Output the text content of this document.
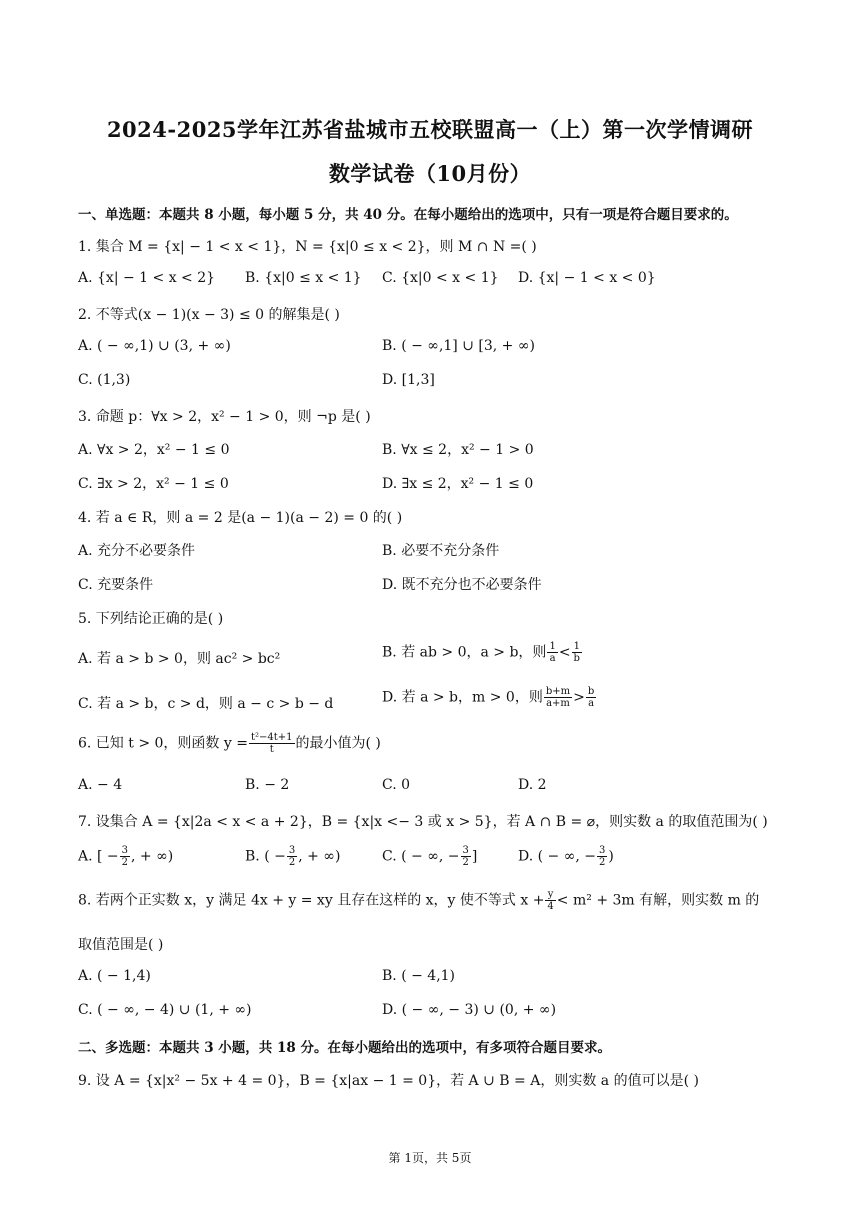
2024-2025学年江苏省盐城市五校联盟高一（上）第一次学情调研
数学试卷（10月份）
一、单选题：本题共 8 小题，每小题 5 分，共 40 分。在每小题给出的选项中，只有一项是符合题目要求的。
1. 集合 M = {x| − 1 < x < 1}，N = {x|0 ≤ x < 2}，则 M ∩ N =( )
A. {x| − 1 < x < 2} B. {x|0 ≤ x < 1} C. {x|0 < x < 1} D. {x| − 1 < x < 0}
2. 不等式(x − 1)(x − 3) ≤ 0 的解集是( )
A. ( − ∞,1) ∪ (3, + ∞)	B. ( − ∞,1] ∪ [3, + ∞)
C. (1,3)	D. [1,3]
3. 命题 p：∀x > 2，x² − 1 > 0，则 ¬p 是( )
A. ∀x > 2，x² − 1 ≤ 0	B. ∀x ≤ 2，x² − 1 > 0
C. ∃x > 2，x² − 1 ≤ 0	D. ∃x ≤ 2，x² − 1 ≤ 0
4. 若 a ∈ R，则 a = 2 是(a − 1)(a − 2) = 0 的( )
A. 充分不必要条件	B. 必要不充分条件
C. 充要条件	D. 既不充分也不必要条件
5. 下列结论正确的是( )
A. 若 a > b > 0，则 ac² > bc²	B. 若 ab > 0，a > b，则 $\frac{1}{a} < \frac{1}{b}$
C. 若 a > b，c > d，则 a − c > b − d	D. 若 a > b，m > 0，则 $\frac{b+m}{a+m} > \frac{b}{a}$
6. 已知 t > 0，则函数 $y = \frac{\text{t²−4t+1}}{t}$ 的最小值为( )
A. − 4	B. − 2	C. 0	D. 2
7. 设集合 A = {x|2a < x < a + 2}，B = {x|x <− 3 或 x > 5}，若 A ∩ B = ⌀，则实数 a 的取值范围为( )
A. [ − $\frac{3}{2}$ , + ∞)	B. ( − $\frac{3}{2}$ , + ∞)	C. ( − ∞, − $\frac{3}{2}$ ]	D. ( − ∞, − $\frac{3}{2}$ )
8. 若两个正实数 x，y 满足 4x + y = xy 且存在这样的 x，y 使不等式 $x + \frac{y}{4} < m^2 + 3m$ 有解，则实数 m 的
取值范围是( )
A. ( − 1,4)	B. ( − 4,1)
C. ( − ∞, − 4) ∪ (1, + ∞)	D. ( − ∞, − 3) ∪ (0, + ∞)
二、多选题：本题共 3 小题，共 18 分。在每小题给出的选项中，有多项符合题目要求。
9. 设 A = {x|x² − 5x + 4 = 0}，B = {x|ax − 1 = 0}，若 A ∪ B = A，则实数 a 的值可以是( )
第 1页，共 5页
